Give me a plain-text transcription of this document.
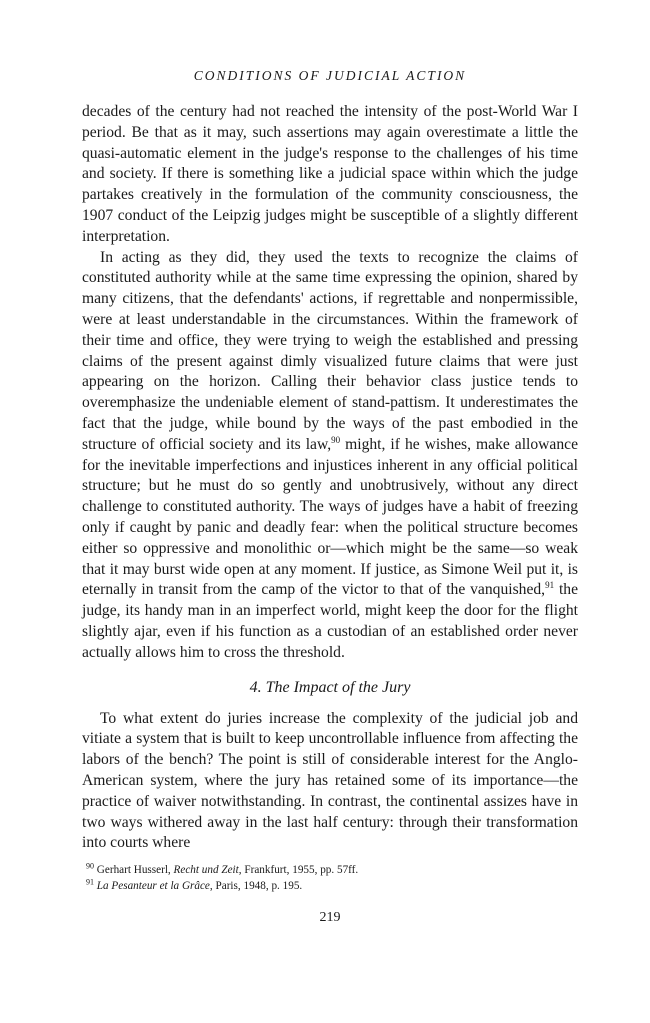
CONDITIONS OF JUDICIAL ACTION

decades of the century had not reached the intensity of the post-World War I period. Be that as it may, such assertions may again overestimate a little the quasi-automatic element in the judge's response to the challenges of his time and society. If there is something like a judicial space within which the judge partakes creatively in the formulation of the community consciousness, the 1907 conduct of the Leipzig judges might be susceptible of a slightly different interpretation.

In acting as they did, they used the texts to recognize the claims of constituted authority while at the same time expressing the opinion, shared by many citizens, that the defendants' actions, if regrettable and nonpermissible, were at least understandable in the circumstances. Within the framework of their time and office, they were trying to weigh the established and pressing claims of the present against dimly visualized future claims that were just appearing on the horizon. Calling their behavior class justice tends to overemphasize the undeniable element of stand-pattism. It underestimates the fact that the judge, while bound by the ways of the past embodied in the structure of official society and its law,$^{90}$ might, if he wishes, make allowance for the inevitable imperfections and injustices inherent in any official political structure; but he must do so gently and unobtrusively, without any direct challenge to constituted authority. The ways of judges have a habit of freezing only if caught by panic and deadly fear: when the political structure becomes either so oppressive and monolithic or—which might be the same—so weak that it may burst wide open at any moment. If justice, as Simone Weil put it, is eternally in transit from the camp of the victor to that of the vanquished,$^{91}$ the judge, its handy man in an imperfect world, might keep the door for the flight slightly ajar, even if his function as a custodian of an established order never actually allows him to cross the threshold.

4. The Impact of the Jury

To what extent do juries increase the complexity of the judicial job and vitiate a system that is built to keep uncontrollable influence from affecting the labors of the bench? The point is still of considerable interest for the Anglo-American system, where the jury has retained some of its importance—the practice of waiver notwithstanding. In contrast, the continental assizes have in two ways withered away in the last half century: through their transformation into courts where

$^{90}$ Gerhart Husserl, Recht und Zeit, Frankfurt, 1955, pp. 57ff.

$^{91}$ La Pesanteur et la Grâce, Paris, 1948, p. 195.

219
